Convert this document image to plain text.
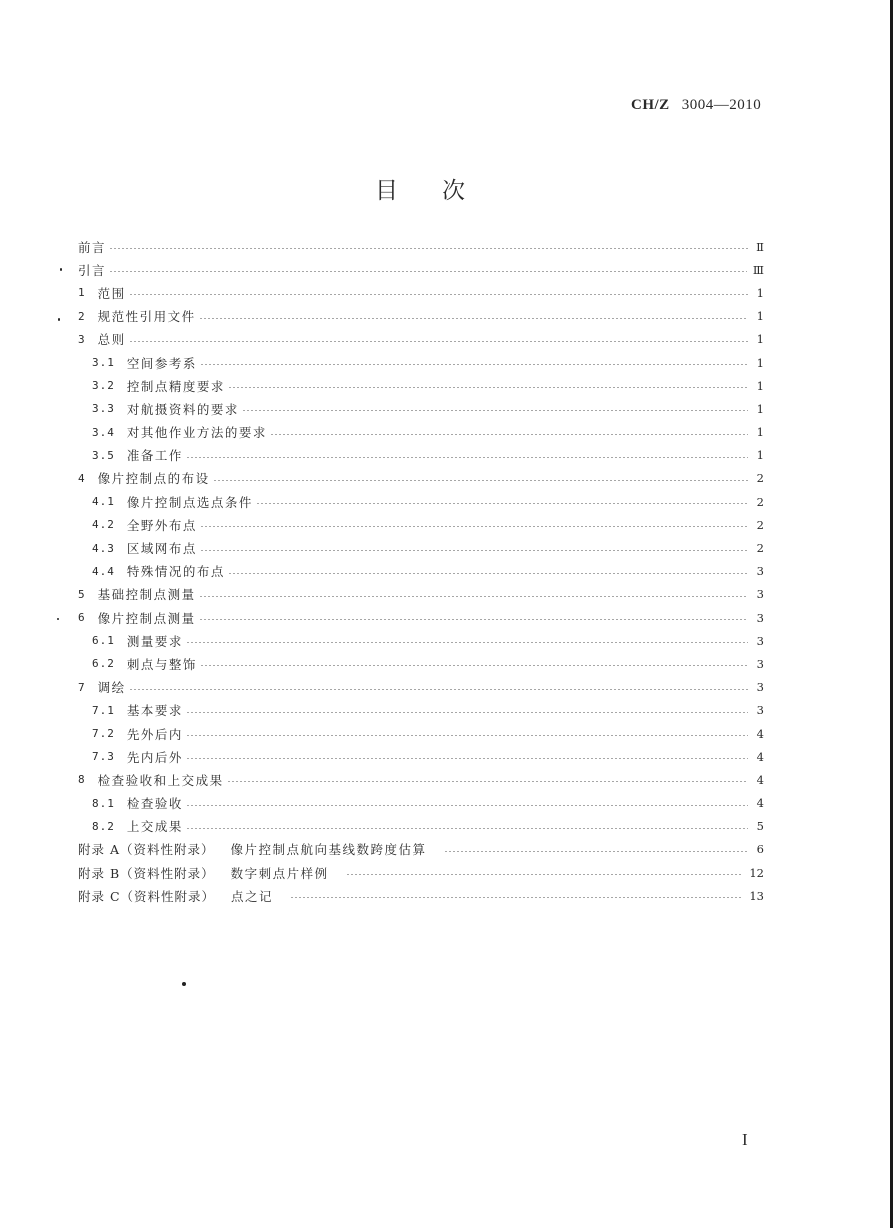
CH/Z 3004—2010
目次
前言	Ⅱ
引言	Ⅲ
1 范围	1
2 规范性引用文件	1
3 总则	1
3.1 空间参考系	1
3.2 控制点精度要求	1
3.3 对航摄资料的要求	1
3.4 对其他作业方法的要求	1
3.5 准备工作	1
4 像片控制点的布设	2
4.1 像片控制点选点条件	2
4.2 全野外布点	2
4.3 区域网布点	2
4.4 特殊情况的布点	3
5 基础控制点测量	3
6 像片控制点测量	3
6.1 测量要求	3
6.2 刺点与整饰	3
7 调绘	3
7.1 基本要求	3
7.2 先外后内	4
7.3 先内后外	4
8 检查验收和上交成果	4
8.1 检查验收	4
8.2 上交成果	5
附录 A（资料性附录） 像片控制点航向基线数跨度估算	6
附录 B（资料性附录） 数字刺点片样例	12
附录 C（资料性附录） 点之记	13
I
